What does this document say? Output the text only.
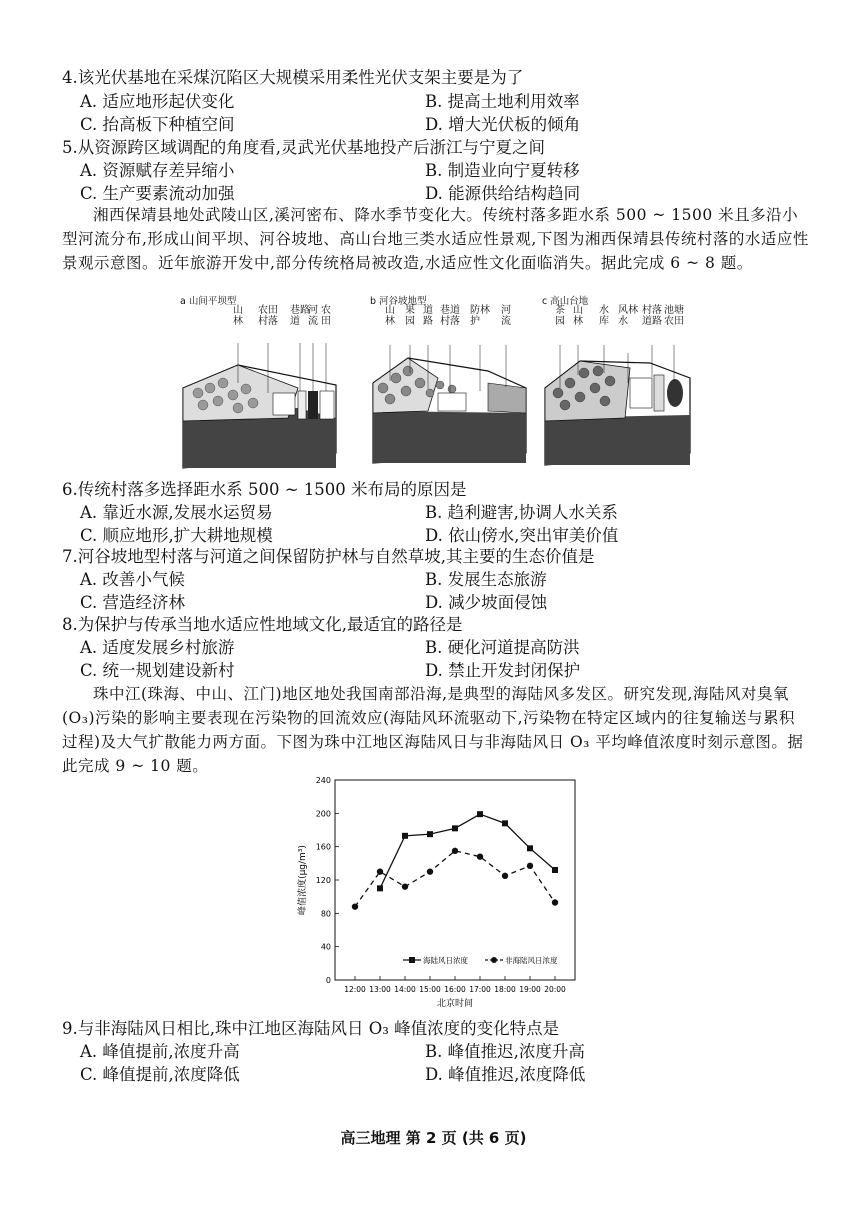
4.该光伏基地在采煤沉陷区大规模采用柔性光伏支架主要是为了
A. 适应地形起伏变化	B. 提高土地利用效率
C. 抬高板下种植空间	D. 增大光伏板的倾角
5.从资源跨区域调配的角度看,灵武光伏基地投产后浙江与宁夏之间
A. 资源赋存差异缩小	B. 制造业向宁夏转移
C. 生产要素流动加强	D. 能源供给结构趋同
湘西保靖县地处武陵山区,溪河密布、降水季节变化大。传统村落多距水系 500 ~ 1500 米且多沿小型河流分布,形成山间平坝、河谷坡地、高山台地三类水适应性景观,下图为湘西保靖县传统村落的水适应性景观示意图。近年旅游开发中,部分传统格局被改造,水适应性文化面临消失。据此完成 6 ~ 8 题。
a 山间平坝型
山林
农村田落
巷道路
河流
农田
b 河谷坡地型
山林
果园
道路
巷村道落
防护林 河流
c 高山台地
茶园
山林
水库
风水林 村道落路
池农塘田
6.传统村落多选择距水系 500 ~ 1500 米布局的原因是
A. 靠近水源,发展水运贸易	B. 趋利避害,协调人水关系
C. 顺应地形,扩大耕地规模	D. 依山傍水,突出审美价值
7.河谷坡地型村落与河道之间保留防护林与自然草坡,其主要的生态价值是
A. 改善小气候	B. 发展生态旅游
C. 营造经济林	D. 减少坡面侵蚀
8.为保护与传承当地水适应性地域文化,最适宜的路径是
A. 适度发展乡村旅游	B. 硬化河道提高防洪
C. 统一规划建设新村	D. 禁止开发封闭保护
珠中江(珠海、中山、江门)地区地处我国南部沿海,是典型的海陆风多发区。研究发现,海陆风对臭氧(O₃)污染的影响主要表现在污染物的回流效应(海陆风环流驱动下,污染物在特定区域内的往复输送与累积过程)及大气扩散能力两方面。下图为珠中江地区海陆风日与非海陆风日 O₃ 平均峰值浓度时刻示意图。据此完成 9 ~ 10 题。
0
40
80
120
160
200
240
12:00 13:00 14:00 15:00 16:00 17:00 18:00 19:00 20:00
北京时间
峰值浓度(μg/m³)
海陆风日浓度	非海陆风日浓度
9.与非海陆风日相比,珠中江地区海陆风日 O₃ 峰值浓度的变化特点是
A. 峰值提前,浓度升高	B. 峰值推迟,浓度升高
C. 峰值提前,浓度降低	D. 峰值推迟,浓度降低
高三地理 第 2 页 (共 6 页)
